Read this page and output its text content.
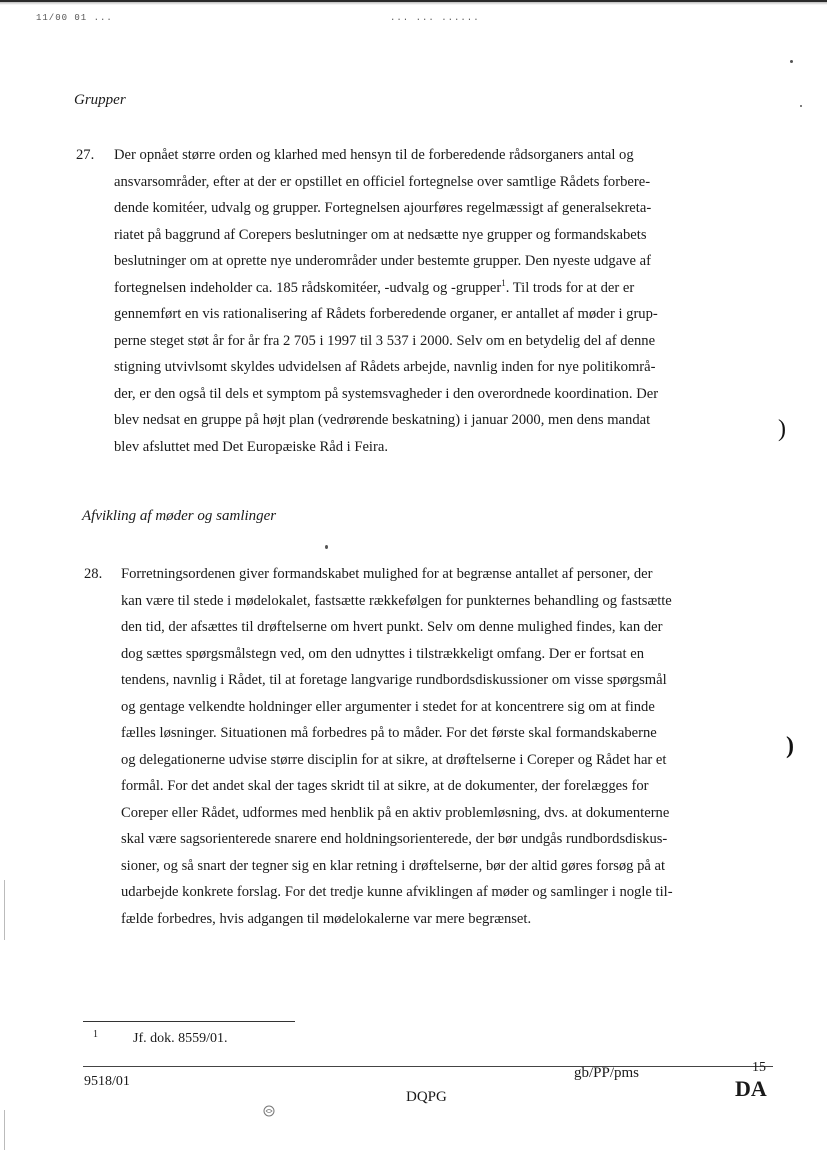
11/00 01 ...	... ... ......
Grupper
27. Der opnået større orden og klarhed med hensyn til de forberedende rådsorganers antal og
ansvarsområder, efter at der er opstillet en officiel fortegnelse over samtlige Rådets forbere-
dende komitéer, udvalg og grupper. Fortegnelsen ajourføres regelmæssigt af generalsekreta-
riatet på baggrund af Corepers beslutninger om at nedsætte nye grupper og formandskabets
beslutninger om at oprette nye underområder under bestemte grupper. Den nyeste udgave af
fortegnelsen indeholder ca. 185 rådskomitéer, -udvalg og -grupper$^1$. Til trods for at der er
gennemført en vis rationalisering af Rådets forberedende organer, er antallet af møder i grup-
perne steget støt år for år fra 2 705 i 1997 til 3 537 i 2000. Selv om en betydelig del af denne
stigning utvivlsomt skyldes udvidelsen af Rådets arbejde, navnlig inden for nye politikområ-
der, er den også til dels et symptom på systemsvagheder i den overordnede koordination. Der
blev nedsat en gruppe på højt plan (vedrørende beskatning) i januar 2000, men dens mandat
blev afsluttet med Det Europæiske Råd i Feira.
)
Afvikling af møder og samlinger
28. Forretningsordenen giver formandskabet mulighed for at begrænse antallet af personer, der
kan være til stede i mødelokalet, fastsætte rækkefølgen for punkternes behandling og fastsætte
den tid, der afsættes til drøftelserne om hvert punkt. Selv om denne mulighed findes, kan der
dog sættes spørgsmålstegn ved, om den udnyttes i tilstrækkeligt omfang. Der er fortsat en
tendens, navnlig i Rådet, til at foretage langvarige rundbordsdiskussioner om visse spørgsmål
og gentage velkendte holdninger eller argumenter i stedet for at koncentrere sig om at finde
fælles løsninger. Situationen må forbedres på to måder. For det første skal formandskaberne
og delegationerne udvise større disciplin for at sikre, at drøftelserne i Coreper og Rådet har et
formål. For det andet skal der tages skridt til at sikre, at de dokumenter, der forelægges for
Coreper eller Rådet, udformes med henblik på en aktiv problemløsning, dvs. at dokumenterne
skal være sagsorienterede snarere end holdningsorienterede, der bør undgås rundbordsdiskus-
sioner, og så snart der tegner sig en klar retning i drøftelserne, bør der altid gøres forsøg på at
udarbejde konkrete forslag. For det tredje kunne afviklingen af møder og samlinger i nogle til-
fælde forbedres, hvis adgangen til mødelokalerne var mere begrænset.
)
1	Jf. dok. 8559/01.
9518/01
gb/PP/pms	15
DQPG	DA
